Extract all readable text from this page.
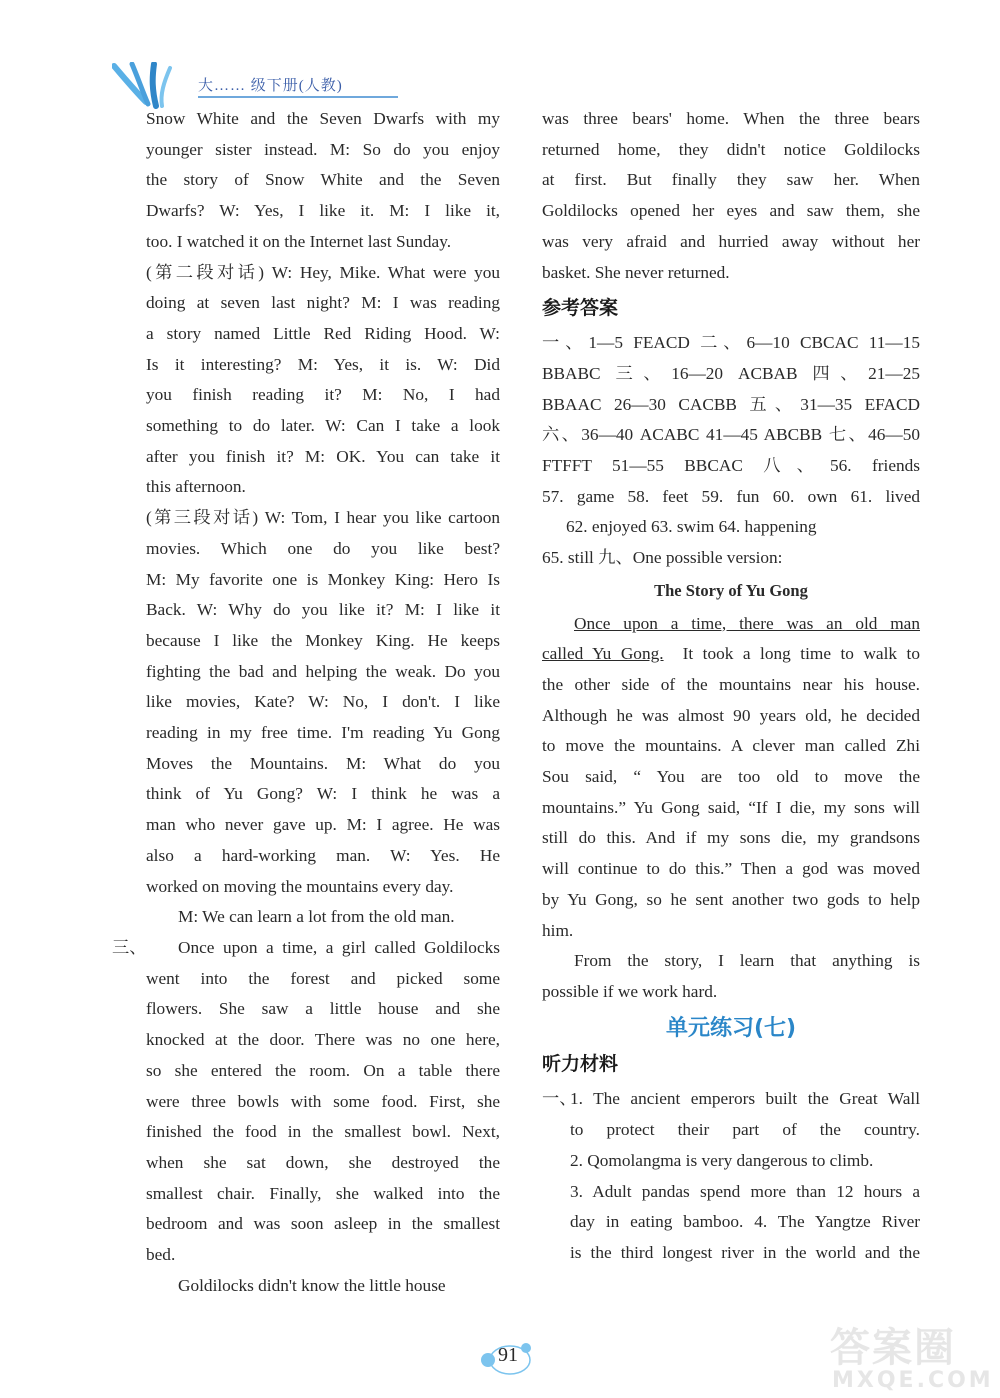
大…… 级下册(人教)
Snow White and the Seven Dwarfs with my
younger sister instead. M: So do you enjoy
the story of Snow White and the Seven
Dwarfs? W: Yes, I like it. M: I like it,
too. I watched it on the Internet last Sunday.
(第二段对话) W: Hey, Mike. What were you
doing at seven last night? M: I was reading
a story named Little Red Riding Hood. W:
Is it interesting? M: Yes, it is. W: Did
you finish reading it? M: No, I had
something to do later. W: Can I take a look
after you finish it? M: OK. You can take it
this afternoon.
(第三段对话) W: Tom, I hear you like cartoon
movies. Which one do you like best?
M: My favorite one is Monkey King: Hero Is
Back. W: Why do you like it? M: I like it
because I like the Monkey King. He keeps
fighting the bad and helping the weak. Do you
like movies, Kate? W: No, I don't. I like
reading in my free time. I'm reading Yu Gong
Moves the Mountains. M: What do you
think of Yu Gong? W: I think he was a
man who never gave up. M: I agree. He was
also a hard-working man. W: Yes. He
worked on moving the mountains every day.
M: We can learn a lot from the old man.
三、	Once upon a time, a girl called Goldilocks
went into the forest and picked some
flowers. She saw a little house and she
knocked at the door. There was no one here,
so she entered the room. On a table there
were three bowls with some food. First, she
finished the food in the smallest bowl. Next,
when she sat down, she destroyed the
smallest chair. Finally, she walked into the
bedroom and was soon asleep in the smallest
bed.
Goldilocks didn't know the little house
was three bears' home. When the three bears
returned home, they didn't notice Goldilocks
at first. But finally they saw her. When
Goldilocks opened her eyes and saw them, she
was very afraid and hurried away without her
basket. She never returned.
参考答案
一、1—5 FEACD 二、6—10 CBCAC 11—15
BBABC 三、16—20 ACBAB 四、21—25
BBAAC 26—30 CACBB 五、31—35 EFACD
六、36—40 ACABC 41—45 ABCBB 七、46—50
FTFFT 51—55 BBCAC 八、56. friends
57. game 58. feet 59. fun 60. own 61. lived
62. enjoyed 63. swim 64. happening
65. still 九、One possible version:
The Story of Yu Gong
Once upon a time, there was an old man
called Yu Gong. It took a long time to walk to
the other side of the mountains near his house.
Although he was almost 90 years old, he decided
to move the mountains. A clever man called Zhi
Sou said, “ You are too old to move the
mountains.” Yu Gong said, “If I die, my sons will
still do this. And if my sons die, my grandsons
will continue to do this.” Then a god was moved
by Yu Gong, so he sent another two gods to help
him.
From the story, I learn that anything is
possible if we work hard.
单元练习(七)
听力材料
一、
1. The ancient emperors built the Great Wall
to protect their part of the country.
2. Qomolangma is very dangerous to climb.
3. Adult pandas spend more than 12 hours a
day in eating bamboo. 4. The Yangtze River
is the third longest river in the world and the
91	答案圈
MXQE.COM
